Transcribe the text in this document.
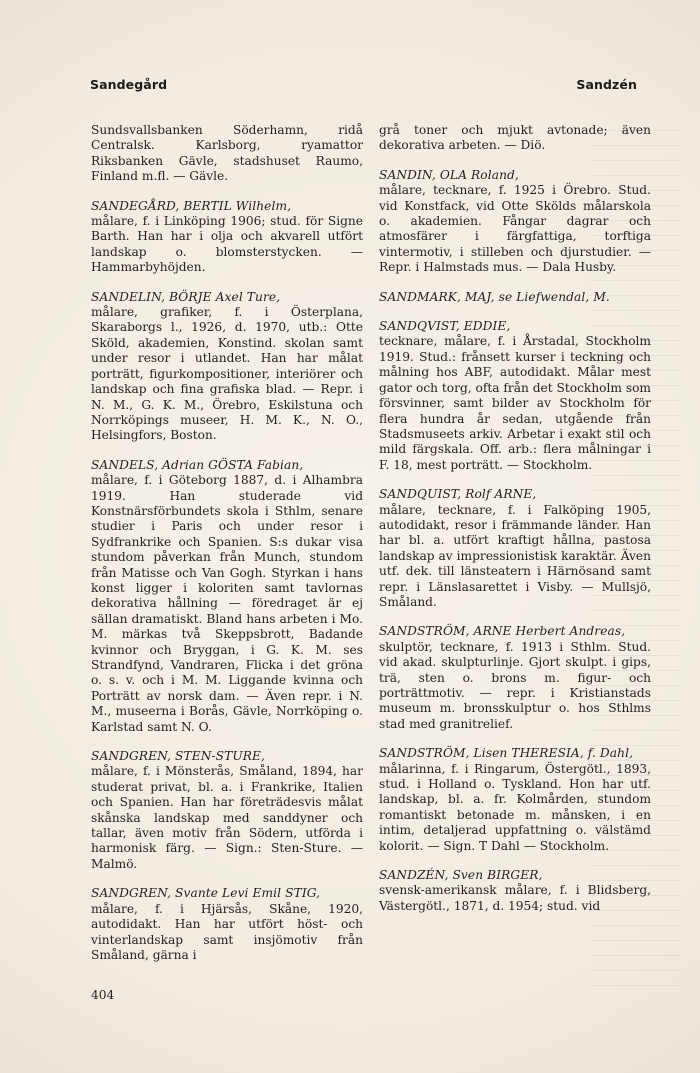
Sandegård	Sandzén
Sundsvallsbanken Söderhamn, ridå Centralsk. Karlsborg, ryamattor Riksbanken Gävle, stadshuset Raumo, Finland m.fl. — Gävle.
SANDEGÅRD, BERTIL Wilhelm,
målare, f. i Linköping 1906; stud. för Signe Barth. Han har i olja och akvarell utfört landskap o. blomsterstycken. — Hammarbyhöjden.
SANDELIN, BÖRJE Axel Ture,
målare, grafiker, f. i Österplana, Skaraborgs l., 1926, d. 1970, utb.: Otte Sköld, akademien, Konstind. skolan samt under resor i utlandet. Han har målat porträtt, figurkompositioner, interiörer och landskap och fina grafiska blad. — Repr. i N. M., G. K. M., Örebro, Eskilstuna och Norrköpings museer, H. M. K., N. O., Helsingfors, Boston.
SANDELS, Adrian GÖSTA Fabian,
målare, f. i Göteborg 1887, d. i Alhambra 1919. Han studerade vid Konstnärsförbundets skola i Sthlm, senare studier i Paris och under resor i Sydfrankrike och Spanien. S:s dukar visa stundom påverkan från Munch, stundom från Matisse och Van Gogh. Styrkan i hans konst ligger i koloriten samt tavlornas dekorativa hållning — föredraget är ej sällan dramatiskt. Bland hans arbeten i Mo. M. märkas två Skeppsbrott, Badande kvinnor och Bryggan, i G. K. M. ses Strandfynd, Vandraren, Flicka i det gröna o. s. v. och i M. M. Liggande kvinna och Porträtt av norsk dam. — Även repr. i N. M., museerna i Borås, Gävle, Norrköping o. Karlstad samt N. O.
SANDGREN, STEN-STURE,
målare, f. i Mönsterås, Småland, 1894, har studerat privat, bl. a. i Frankrike, Italien och Spanien. Han har företrädesvis målat skånska landskap med sanddyner och tallar, även motiv från Södern, utförda i harmonisk färg. — Sign.: Sten-Sture. — Malmö.
SANDGREN, Svante Levi Emil STIG,
målare, f. i Hjärsås, Skåne, 1920, autodidakt. Han har utfört höst- och vinterlandskap samt insjömotiv från Småland, gärna i
grå toner och mjukt avtonade; även dekorativa arbeten. — Diö.
SANDIN, OLA Roland,
målare, tecknare, f. 1925 i Örebro. Stud. vid Konstfack, vid Otte Skölds målarskola o. akademien. Fångar dagrar och atmosfärer i färgfattiga, torftiga vintermotiv, i stilleben och djurstudier. — Repr. i Halmstads mus. — Dala Husby.
SANDMARK, MAJ, se Liefwendal, M.
SANDQVIST, EDDIE,
tecknare, målare, f. i Årstadal, Stockholm 1919. Stud.: frånsett kurser i teckning och målning hos ABF, autodidakt. Målar mest gator och torg, ofta från det Stockholm som försvinner, samt bilder av Stockholm för flera hundra år sedan, utgående från Stadsmuseets arkiv. Arbetar i exakt stil och mild färgskala. Off. arb.: flera målningar i F. 18, mest porträtt. — Stockholm.
SANDQUIST, Rolf ARNE,
målare, tecknare, f. i Falköping 1905, autodidakt, resor i främmande länder. Han har bl. a. utfört kraftigt hållna, pastosa landskap av impressionistisk karaktär. Även utf. dek. till länsteatern i Härnösand samt repr. i Länslasarettet i Visby. — Mullsjö, Småland.
SANDSTRÖM, ARNE Herbert Andreas,
skulptör, tecknare, f. 1913 i Sthlm. Stud. vid akad. skulpturlinje. Gjort skulpt. i gips, trä, sten o. brons m. figur- och porträttmotiv. — repr. i Kristianstads museum m. bronsskulptur o. hos Sthlms stad med granitrelief.
SANDSTRÖM, Lisen THERESIA, f. Dahl,
målarinna, f. i Ringarum, Östergötl., 1893, stud. i Holland o. Tyskland. Hon har utf. landskap, bl. a. fr. Kolmården, stundom romantiskt betonade m. månsken, i en intim, detaljerad uppfattning o. välstämd kolorit. — Sign. T Dahl — Stockholm.
SANDZÉN, Sven BIRGER,
svensk-amerikansk målare, f. i Blidsberg, Västergötl., 1871, d. 1954; stud. vid
404
